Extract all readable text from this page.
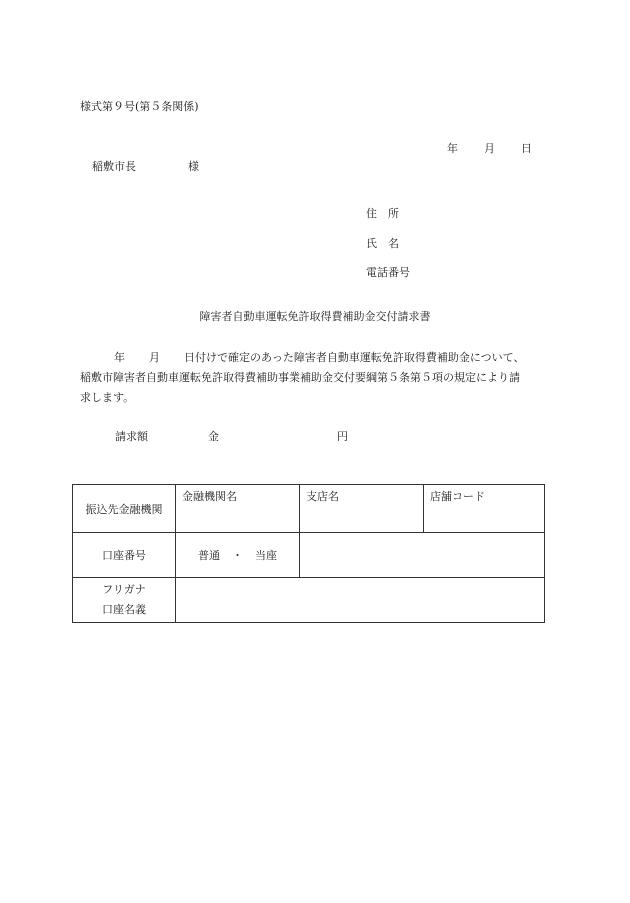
様式第９号(第５条関係)
年 月 日
稲敷市長	様
住　所
氏　名
電話番号
障害者自動車運転免許取得費補助金交付請求書

年 月 日付けで確定のあった障害者自動車運転免許取得費補助金について、

稲敷市障害者自動車運転免許取得費補助事業補助金交付要綱第５条第５項の規定により請

求します。

請求額	金	円
振込先金融機関	金融機関名	支店名	店舗コード
口座番号	普通 ・ 当座		

フリガナ
口座名義			
